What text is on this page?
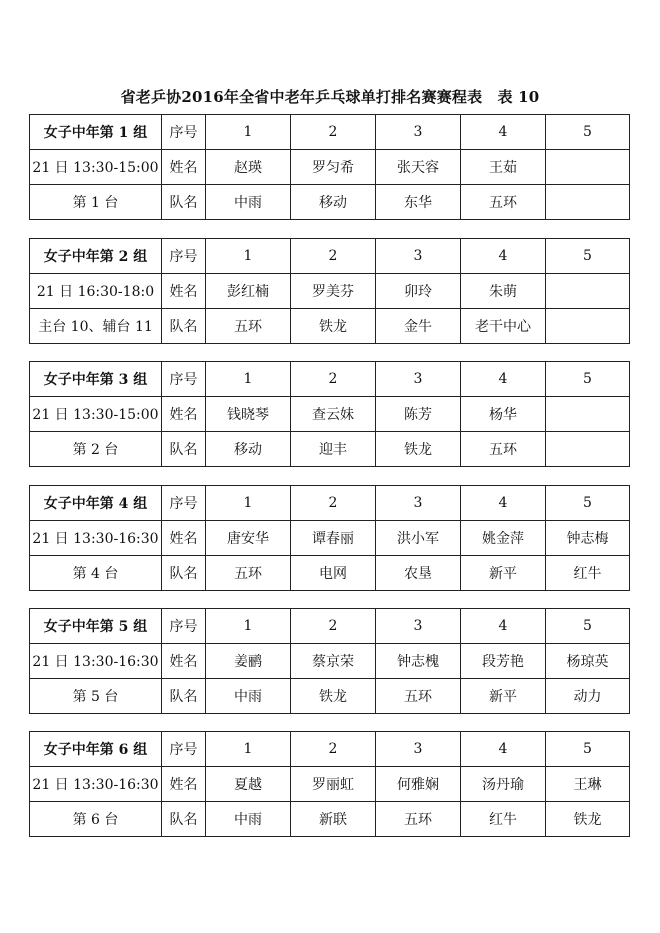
省老乒协2016年全省中老年乒乓球单打排名赛赛程表　表 10
女子中年第 1 组	序号	1	2	3	4	5
21 日 13:30-15:00	姓名	赵瑛	罗匀希	张天容	王茹	
第 1 台	队名	中雨	移动	东华	五环	
女子中年第 2 组	序号	1	2	3	4	5
21 日 16:30-18:0	姓名	彭红楠	罗美芬	卯玲	朱萌	
主台 10、辅台 11	队名	五环	铁龙	金牛	老干中心	
女子中年第 3 组	序号	1	2	3	4	5
21 日 13:30-15:00	姓名	钱晓琴	查云妹	陈芳	杨华	
第 2 台	队名	移动	迎丰	铁龙	五环	
女子中年第 4 组	序号	1	2	3	4	5
21 日 13:30-16:30	姓名	唐安华	谭春丽	洪小军	姚金萍	钟志梅
第 4 台	队名	五环	电网	农垦	新平	红牛
女子中年第 5 组	序号	1	2	3	4	5
21 日 13:30-16:30	姓名	姜鹂	蔡京荣	钟志槐	段芳艳	杨琼英
第 5 台	队名	中雨	铁龙	五环	新平	动力
女子中年第 6 组	序号	1	2	3	4	5
21 日 13:30-16:30	姓名	夏越	罗丽虹	何雅娴	汤丹瑜	王琳
第 6 台	队名	中雨	新联	五环	红牛	铁龙
